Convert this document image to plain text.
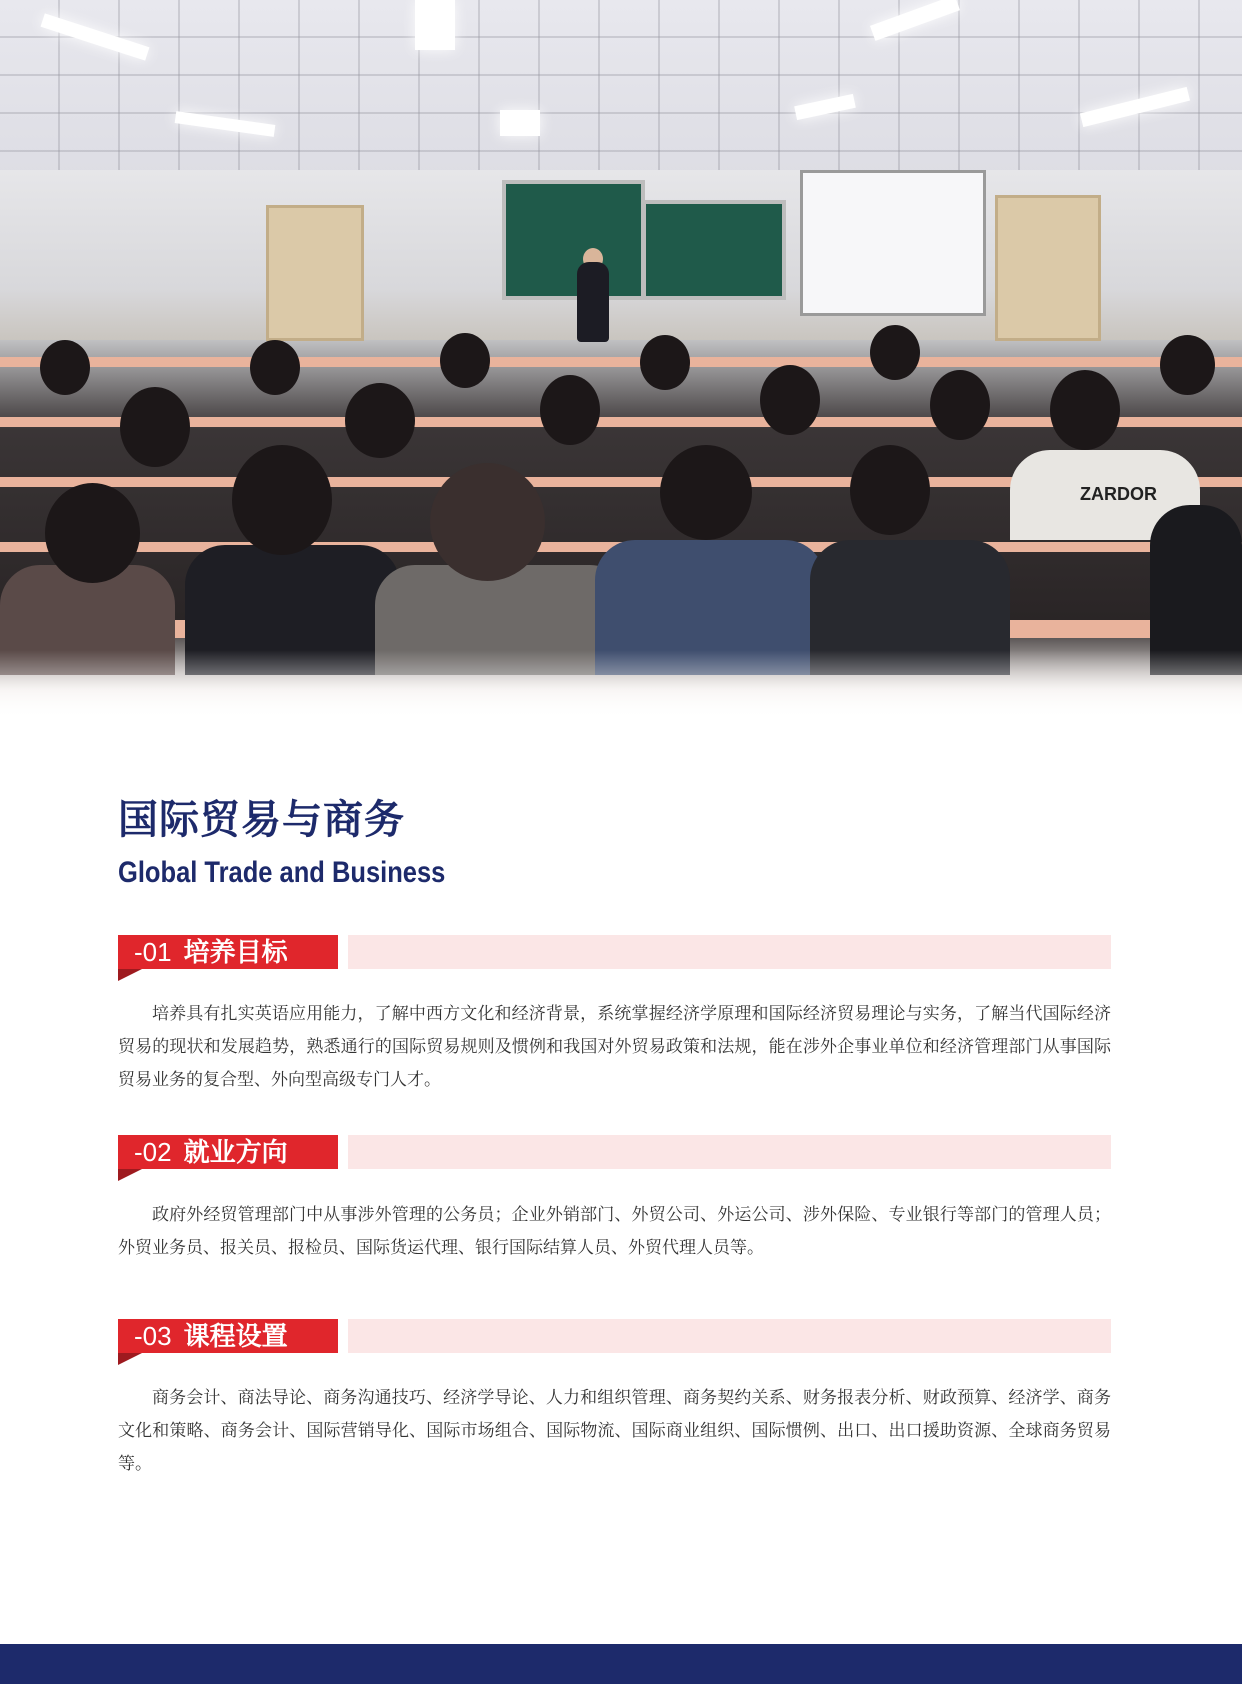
ZARDOR
国际贸易与商务
Global Trade and Business
-01 培养目标

培养具有扎实英语应用能力，了解中西方文化和经济背景，系统掌握经济学原理和国际经济贸易理论与实务，了解当代国际经济贸易的现状和发展趋势，熟悉通行的国际贸易规则及惯例和我国对外贸易政策和法规，能在涉外企事业单位和经济管理部门从事国际贸易业务的复合型、外向型高级专门人才。

-02 就业方向

政府外经贸管理部门中从事涉外管理的公务员；企业外销部门、外贸公司、外运公司、涉外保险、专业银行等部门的管理人员；外贸业务员、报关员、报检员、国际货运代理、银行国际结算人员、外贸代理人员等。

-03 课程设置

商务会计、商法导论、商务沟通技巧、经济学导论、人力和组织管理、商务契约关系、财务报表分析、财政预算、经济学、商务文化和策略、商务会计、国际营销导化、国际市场组合、国际物流、国际商业组织、国际惯例、出口、出口援助资源、全球商务贸易等。
